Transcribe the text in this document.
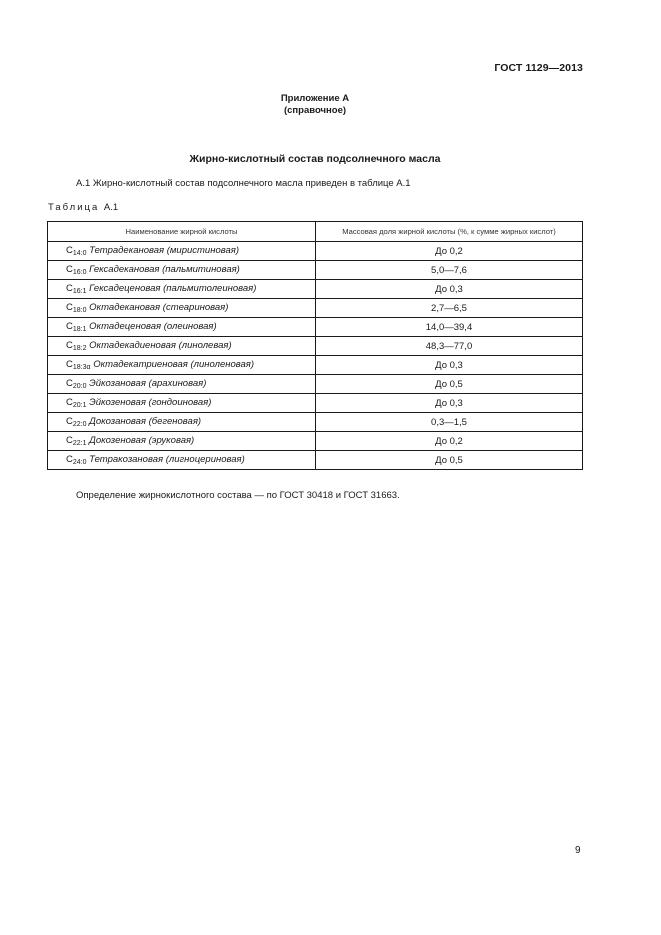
ГОСТ 1129—2013
Приложение А
(справочное)
Жирно-кислотный состав подсолнечного масла
А.1 Жирно-кислотный состав подсолнечного масла приведен в таблице А.1
Таблица А.1
Наименование жирной кислоты	Массовая доля жирной кислоты (%, к сумме жирных кислот)
$C_{14:0}$ Тетрадекановая (миристиновая)	До 0,2
$C_{16:0}$ Гексадекановая (пальмитиновая)	5,0—7,6
$C_{16:1}$ Гексадеценовая (пальмитолеиновая)	До 0,3
$C_{18:0}$ Октадекановая (стеариновая)	2,7—6,5
$C_{18:1}$ Октадеценовая (олеиновая)	14,0—39,4
$C_{18:2}$ Октадекадиеновая (линолевая)	48,3—77,0
$C_{18:3\alpha}$ Октадекатриеновая (линоленовая)	До 0,3
$C_{20:0}$ Эйкозановая (арахиновая)	До 0,5
$C_{20:1}$ Эйкозеновая (гондоиновая)	До 0,3
$C_{22:0}$ Докозановая (бегеновая)	0,3—1,5
$C_{22:1}$ Докозеновая (эруковая)	До 0,2
$C_{24:0}$ Тетракозановая (лигноцериновая)	До 0,5
Определение жирнокислотного состава — по ГОСТ 30418 и ГОСТ 31663.
9
